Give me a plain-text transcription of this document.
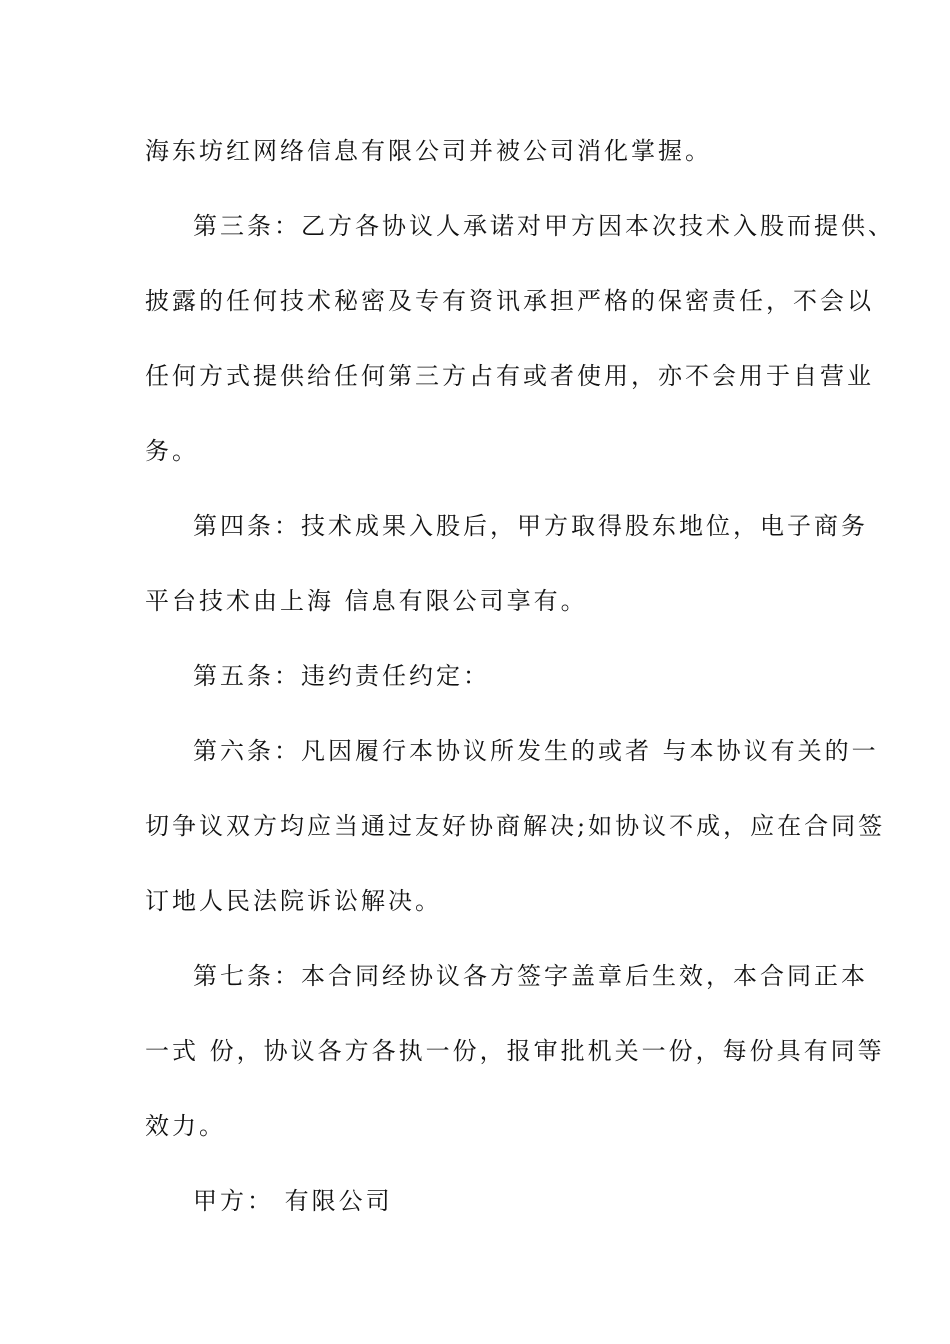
海东坊红网络信息有限公司并被公司消化掌握。
第三条：乙方各协议人承诺对甲方因本次技术入股而提供、
披露的任何技术秘密及专有资讯承担严格的保密责任，不会以
任何方式提供给任何第三方占有或者使用，亦不会用于自营业
务。
第四条：技术成果入股后，甲方取得股东地位，电子商务
平台技术由上海 信息有限公司享有。
第五条：违约责任约定：
第六条：凡因履行本协议所发生的或者 与本协议有关的一
切争议双方均应当通过友好协商解决;如协议不成，应在合同签
订地人民法院诉讼解决。
第七条：本合同经协议各方签字盖章后生效，本合同正本
一式 份，协议各方各执一份，报审批机关一份，每份具有同等
效力。
甲方： 有限公司
